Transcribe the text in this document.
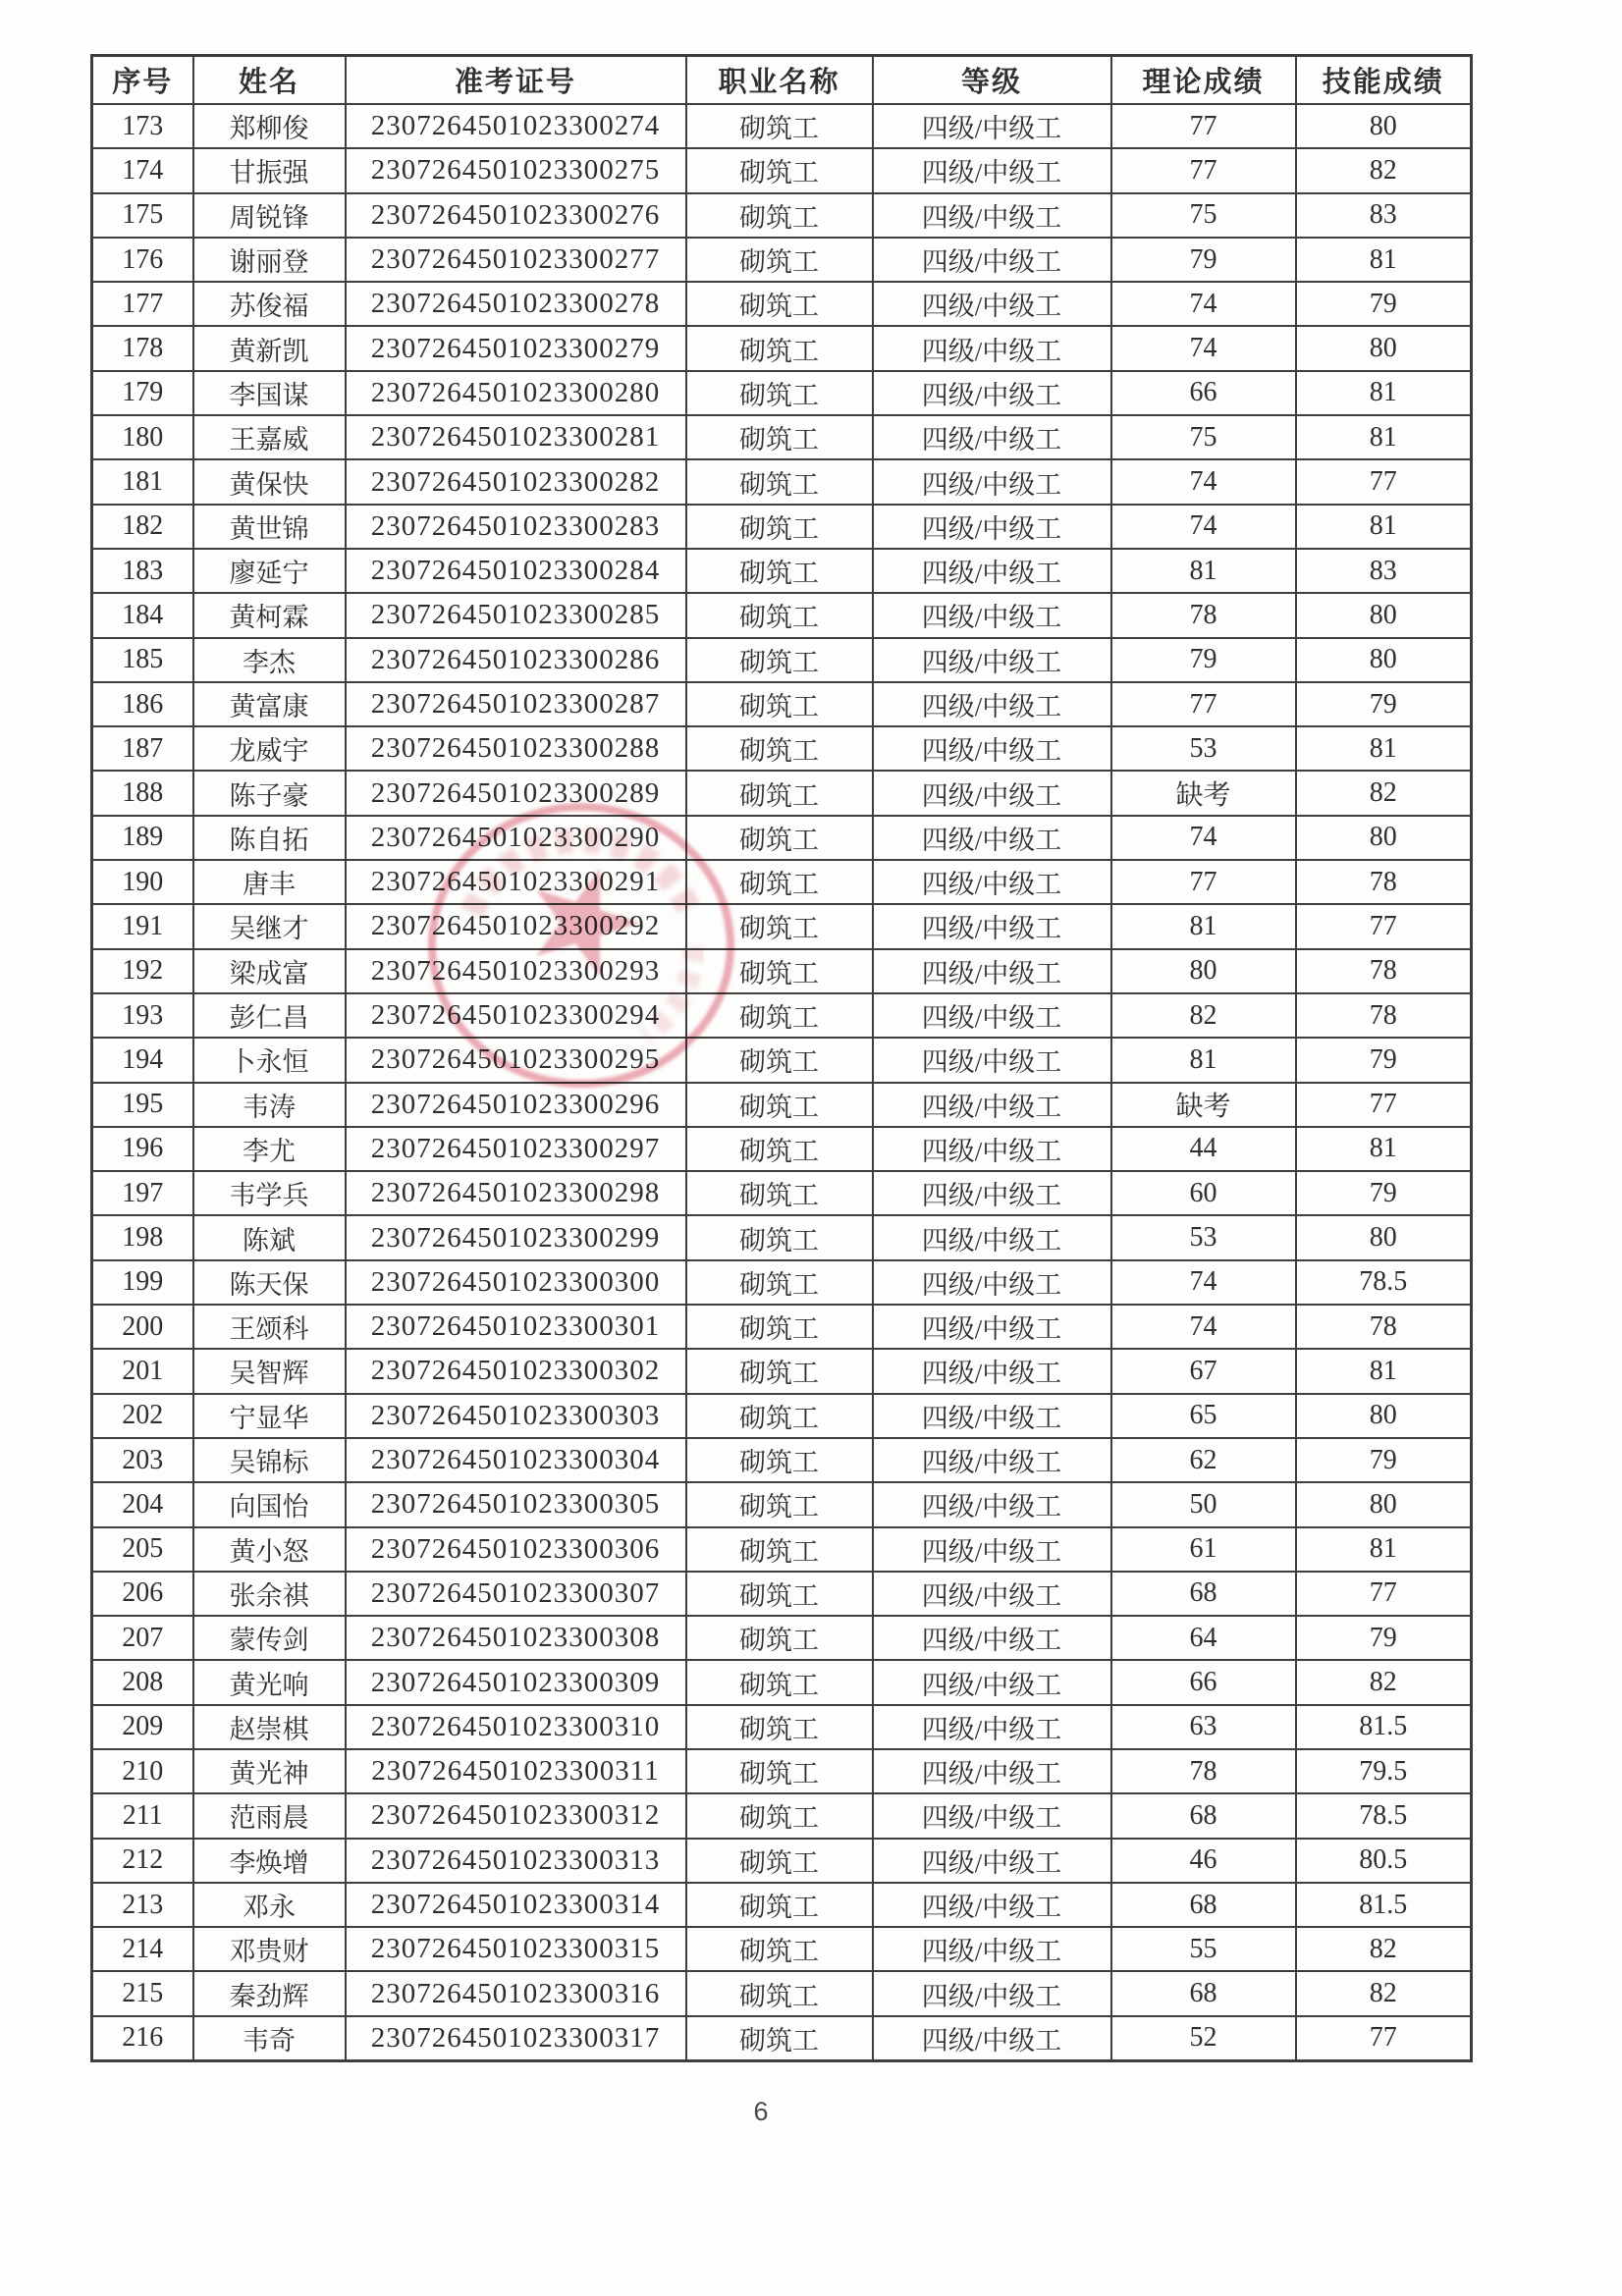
序号	姓名	准考证号	职业名称	等级	理论成绩	技能成绩
173	郑柳俊	2307264501023300274	砌筑工	四级/中级工	77	80
174	甘振强	2307264501023300275	砌筑工	四级/中级工	77	82
175	周锐锋	2307264501023300276	砌筑工	四级/中级工	75	83
176	谢丽登	2307264501023300277	砌筑工	四级/中级工	79	81
177	苏俊福	2307264501023300278	砌筑工	四级/中级工	74	79
178	黄新凯	2307264501023300279	砌筑工	四级/中级工	74	80
179	李国谋	2307264501023300280	砌筑工	四级/中级工	66	81
180	王嘉威	2307264501023300281	砌筑工	四级/中级工	75	81
181	黄保快	2307264501023300282	砌筑工	四级/中级工	74	77
182	黄世锦	2307264501023300283	砌筑工	四级/中级工	74	81
183	廖延宁	2307264501023300284	砌筑工	四级/中级工	81	83
184	黄柯霖	2307264501023300285	砌筑工	四级/中级工	78	80
185	李杰	2307264501023300286	砌筑工	四级/中级工	79	80
186	黄富康	2307264501023300287	砌筑工	四级/中级工	77	79
187	龙威宇	2307264501023300288	砌筑工	四级/中级工	53	81
188	陈子豪	2307264501023300289	砌筑工	四级/中级工	缺考	82
189	陈自拓	2307264501023300290	砌筑工	四级/中级工	74	80
190	唐丰	2307264501023300291	砌筑工	四级/中级工	77	78
191	吴继才	2307264501023300292	砌筑工	四级/中级工	81	77
192	梁成富	2307264501023300293	砌筑工	四级/中级工	80	78
193	彭仁昌	2307264501023300294	砌筑工	四级/中级工	82	78
194	卜永恒	2307264501023300295	砌筑工	四级/中级工	81	79
195	韦涛	2307264501023300296	砌筑工	四级/中级工	缺考	77
196	李尤	2307264501023300297	砌筑工	四级/中级工	44	81
197	韦学兵	2307264501023300298	砌筑工	四级/中级工	60	79
198	陈斌	2307264501023300299	砌筑工	四级/中级工	53	80
199	陈天保	2307264501023300300	砌筑工	四级/中级工	74	78.5
200	王颂科	2307264501023300301	砌筑工	四级/中级工	74	78
201	吴智辉	2307264501023300302	砌筑工	四级/中级工	67	81
202	宁显华	2307264501023300303	砌筑工	四级/中级工	65	80
203	吴锦标	2307264501023300304	砌筑工	四级/中级工	62	79
204	向国怡	2307264501023300305	砌筑工	四级/中级工	50	80
205	黄小怒	2307264501023300306	砌筑工	四级/中级工	61	81
206	张余祺	2307264501023300307	砌筑工	四级/中级工	68	77
207	蒙传剑	2307264501023300308	砌筑工	四级/中级工	64	79
208	黄光响	2307264501023300309	砌筑工	四级/中级工	66	82
209	赵崇棋	2307264501023300310	砌筑工	四级/中级工	63	81.5
210	黄光神	2307264501023300311	砌筑工	四级/中级工	78	79.5
211	范雨晨	2307264501023300312	砌筑工	四级/中级工	68	78.5
212	李焕增	2307264501023300313	砌筑工	四级/中级工	46	80.5
213	邓永	2307264501023300314	砌筑工	四级/中级工	68	81.5
214	邓贵财	2307264501023300315	砌筑工	四级/中级工	55	82
215	秦劲辉	2307264501023300316	砌筑工	四级/中级工	68	82
216	韦奇	2307264501023300317	砌筑工	四级/中级工	52	77
6
